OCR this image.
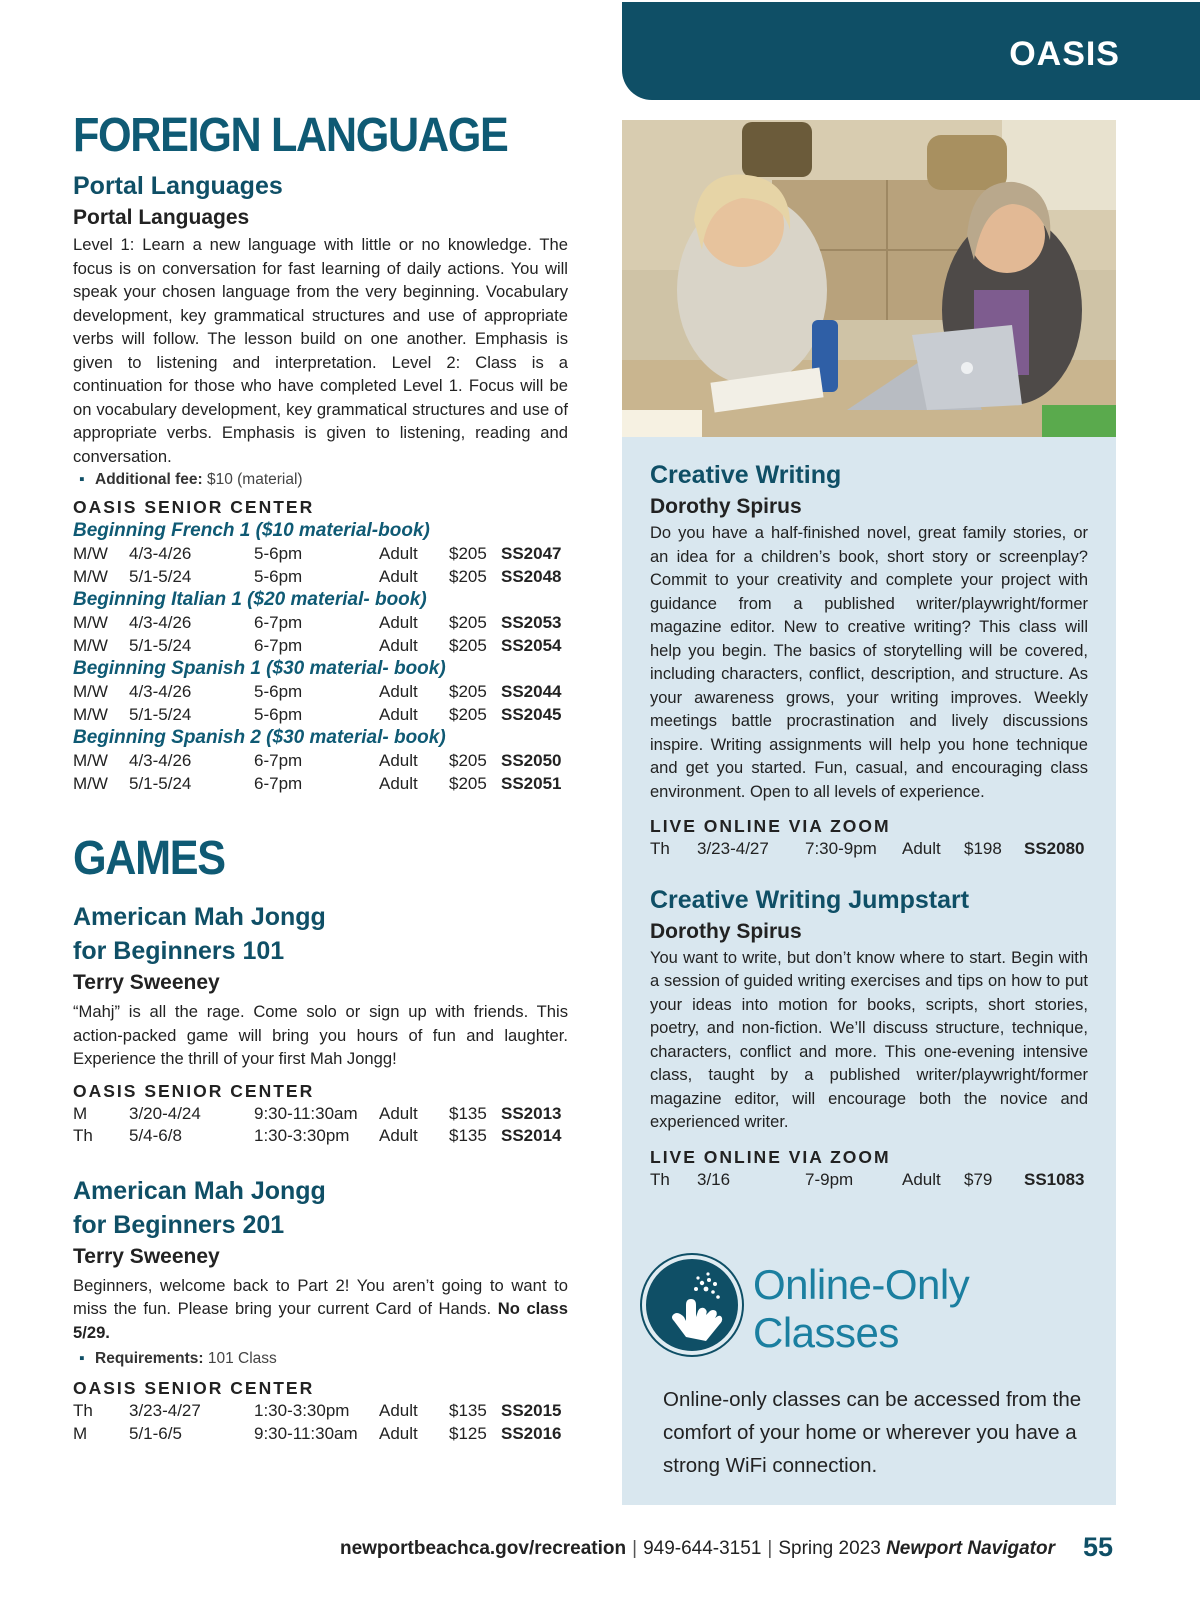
OASIS
FOREIGN LANGUAGE
Portal Languages
Portal Languages
Level 1: Learn a new language with little or no knowledge. The focus is on conversation for fast learning of daily actions. You will speak your chosen language from the very beginning. Vocabulary development, key grammatical structures and use of appropriate verbs will follow. The lesson build on one another. Emphasis is given to listening and interpretation. Level 2: Class is a continuation for those who have completed Level 1. Focus will be on vocabulary development, key grammatical structures and use of appropriate verbs. Emphasis is given to listening, reading and conversation.
▪ Additional fee: $10 (material)
OASIS SENIOR CENTER
Beginning French 1 ($10 material-book)
M/W	4/3-4/26	5-6pm	Adult	$205 SS2047
M/W	5/1-5/24	5-6pm	Adult	$205 SS2048
Beginning Italian 1 ($20 material- book)
M/W	4/3-4/26	6-7pm	Adult	$205 SS2053
M/W	5/1-5/24	6-7pm	Adult	$205 SS2054
Beginning Spanish 1 ($30 material- book)
M/W	4/3-4/26	5-6pm	Adult	$205 SS2044
M/W	5/1-5/24	5-6pm	Adult	$205 SS2045
Beginning Spanish 2 ($30 material- book)
M/W	4/3-4/26	6-7pm	Adult	$205 SS2050
M/W	5/1-5/24	6-7pm	Adult	$205 SS2051
GAMES
American Mah Jongg
for Beginners 101
Terry Sweeney
“Mahj” is all the rage. Come solo or sign up with friends. This action-packed game will bring you hours of fun and laughter. Experience the thrill of your first Mah Jongg!
OASIS SENIOR CENTER
M	3/20-4/24	9:30-11:30am	Adult	$135 SS2013
Th	5/4-6/8	1:30-3:30pm	Adult	$135 SS2014
American Mah Jongg
for Beginners 201
Terry Sweeney
Beginners, welcome back to Part 2! You aren’t going to want to miss the fun. Please bring your current Card of Hands. No class 5/29.
▪ Requirements: 101 Class
OASIS SENIOR CENTER
Th	3/23-4/27	1:30-3:30pm	Adult	$135 SS2015
M	5/1-6/5	9:30-11:30am	Adult	$125 SS2016
Creative Writing
Dorothy Spirus
Do you have a half-finished novel, great family stories, or an idea for a children’s book, short story or screenplay? Commit to your creativity and complete your project with guidance from a published writer/playwright/former magazine editor. New to creative writing? This class will help you begin. The basics of storytelling will be covered, including characters, conflict, description, and structure. As your awareness grows, your writing improves. Weekly meetings battle procrastination and lively discussions inspire. Writing assignments will help you hone technique and get you started. Fun, casual, and encouraging class environment. Open to all levels of experience.
LIVE ONLINE VIA ZOOM
Th	3/23-4/27	7:30-9pm	Adult	$198	SS2080
Creative Writing Jumpstart
Dorothy Spirus
You want to write, but don’t know where to start. Begin with a session of guided writing exercises and tips on how to put your ideas into motion for books, scripts, short stories, poetry, and non-fiction. We’ll discuss structure, technique, characters, conflict and more. This one-evening intensive class, taught by a published writer/playwright/former magazine editor, will encourage both the novice and experienced writer.
LIVE ONLINE VIA ZOOM
Th	3/16	7-9pm	Adult	$79	SS1083
Online-Only
Classes
Online-only classes can be accessed from the comfort of your home or wherever you have a strong WiFi connection.
newportbeachca.gov/recreation | 949-644-3151 | Spring 2023 Newport Navigator 55
